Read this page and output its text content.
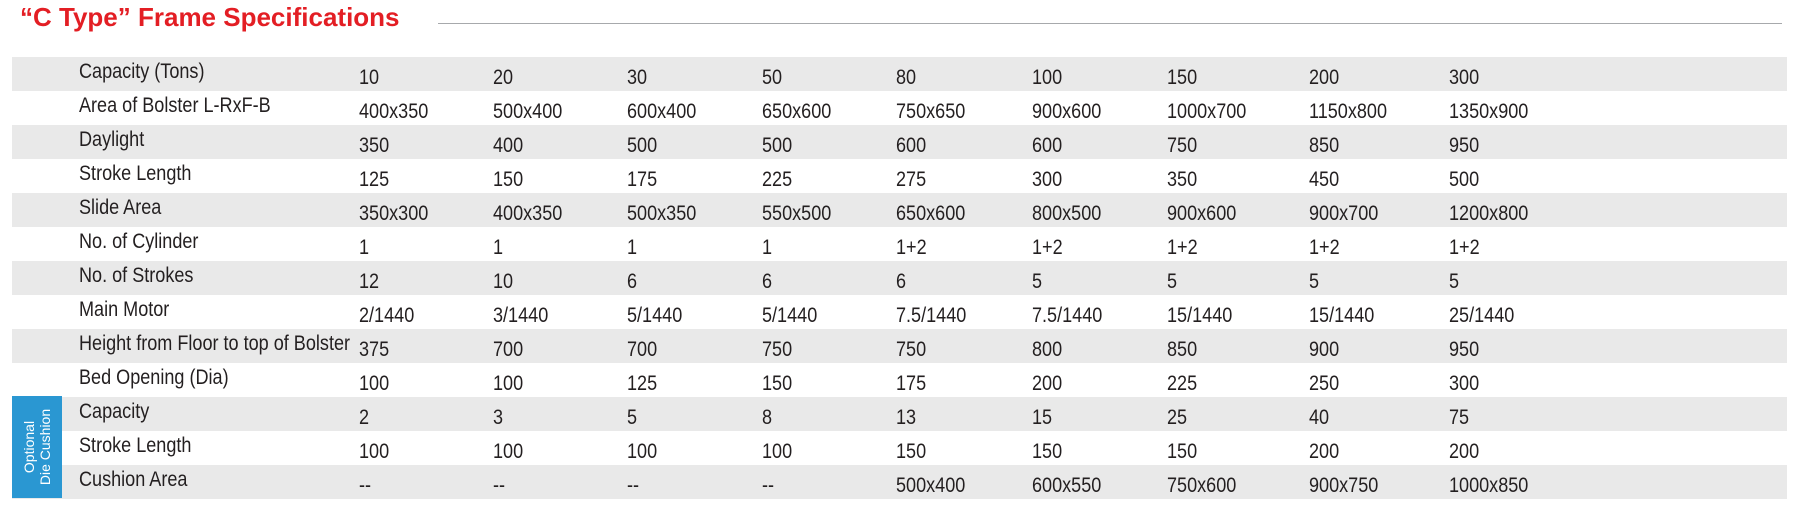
“C Type” Frame Specifications
Capacity (Tons)	10	20	30	50	80	100	150	200	300
Area of Bolster L-RxF-B	400x350	500x400	600x400	650x600	750x650	900x600	1000x700	1150x800	1350x900
Daylight	350	400	500	500	600	600	750	850	950
Stroke Length	125	150	175	225	275	300	350	450	500
Slide Area	350x300	400x350	500x350	550x500	650x600	800x500	900x600	900x700	1200x800
No. of Cylinder	1	1	1	1	1+2	1+2	1+2	1+2	1+2
No. of Strokes	12	10	6	6	6	5	5	5	5
Main Motor	2/1440	3/1440	5/1440	5/1440	7.5/1440	7.5/1440	15/1440	15/1440	25/1440
Height from Floor to top of Bolster 375	700	700	750	750	800	850	900	950
Bed Opening (Dia)	100	100	125	150	175	200	225	250	300
Capacity	2	3	5	8	13	15	25	40	75
Stroke Length	100	100	100	100	150	150	150	200	200
Cushion Area	--	--	--	--	500x400	600x550	750x600	900x750	1000x850
Optional Die Cushion
